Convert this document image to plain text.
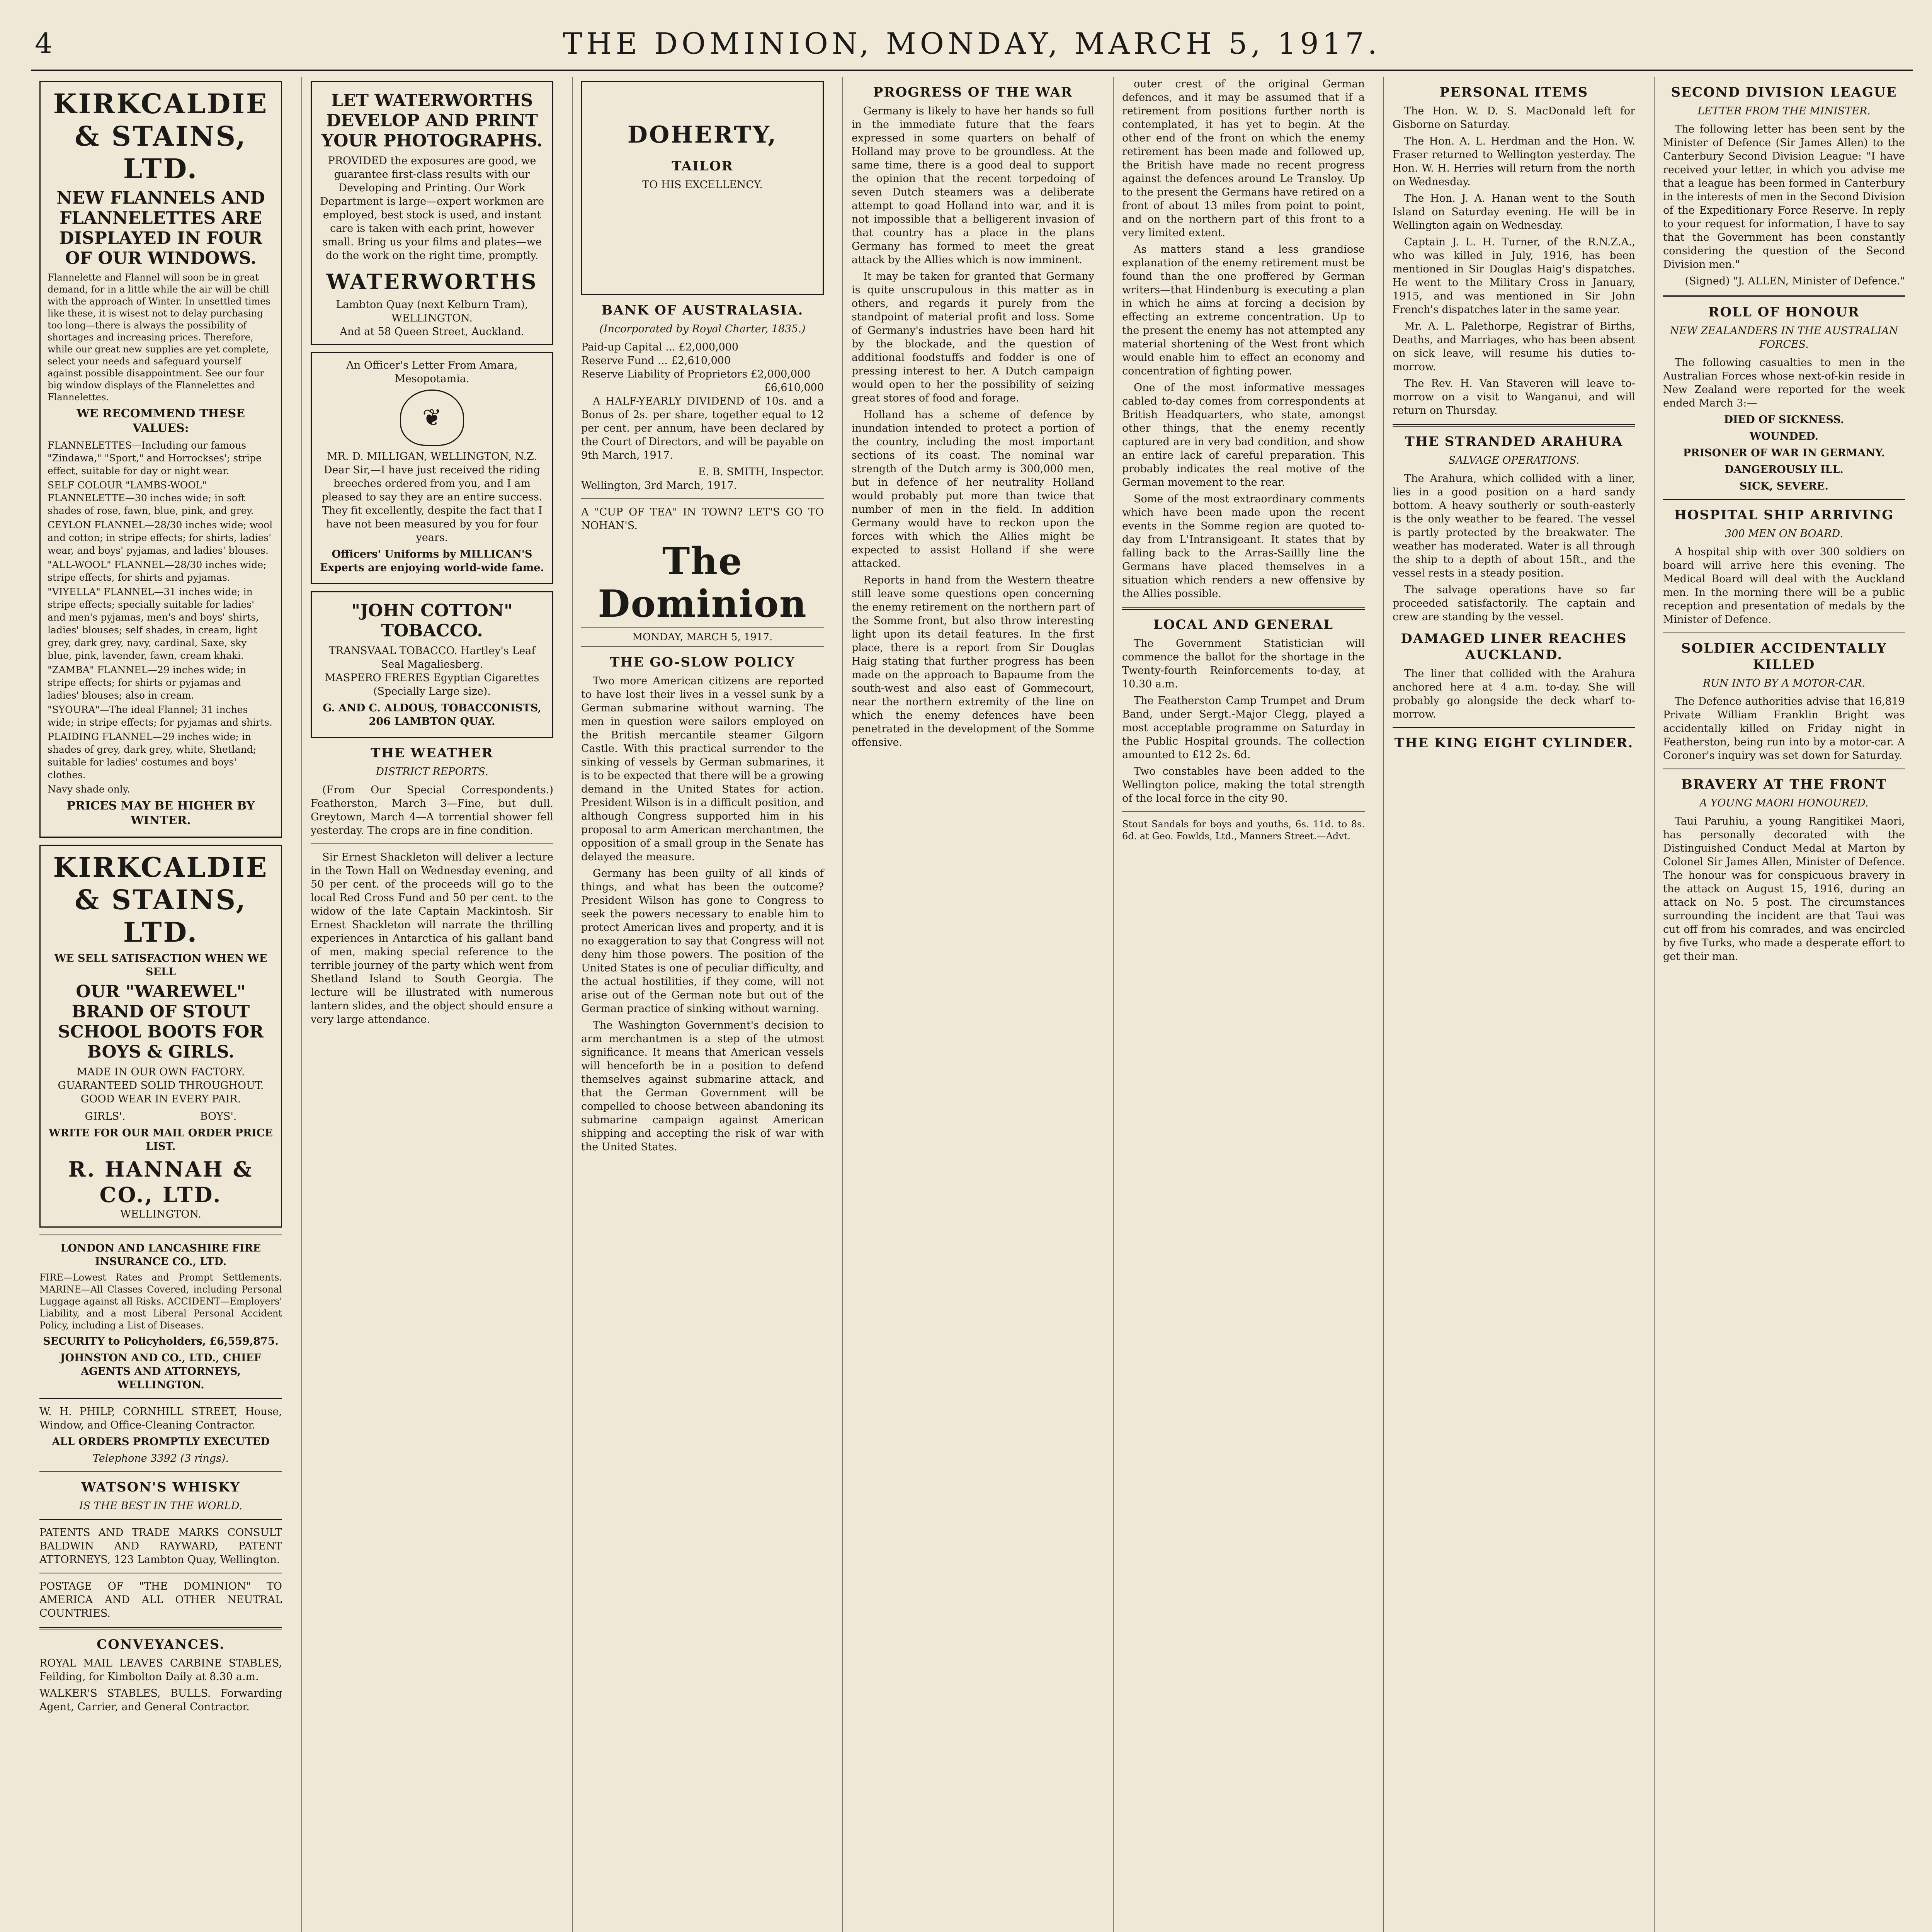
4	THE DOMINION, MONDAY, MARCH 5, 1917.
KIRKCALDIE & STAINS, LTD.
NEW FLANNELS AND FLANNELETTES ARE DISPLAYED IN FOUR OF OUR WINDOWS.

Flannelette and Flannel will soon be in great demand, for in a little while the air will be chill with the approach of Winter. In unsettled times like these, it is wisest not to delay purchasing too long—there is always the possibility of shortages and increasing prices. Therefore, while our great new supplies are yet complete, select your needs and safeguard yourself against possible disappointment. See our four big window displays of the Flannelettes and Flannelettes.

WE RECOMMEND THESE VALUES:
FLANNELETTES—Including our famous "Zindawa," "Sport," and Horrockses'; stripe effect, suitable for day or night wear.
SELF COLOUR "LAMBS-WOOL" FLANNELETTE—30 inches wide; in soft shades of rose, fawn, blue, pink, and grey.
CEYLON FLANNEL—28/30 inches wide; wool and cotton; in stripe effects; for shirts, ladies' wear, and boys' pyjamas, and ladies' blouses.
"ALL-WOOL" FLANNEL—28/30 inches wide; stripe effects, for shirts and pyjamas.
"VIYELLA" FLANNEL—31 inches wide; in stripe effects; specially suitable for ladies' and men's pyjamas, men's and boys' shirts, ladies' blouses; self shades, in cream, light grey, dark grey, navy, cardinal, Saxe, sky blue, pink, lavender, fawn, cream khaki.
"ZAMBA" FLANNEL—29 inches wide; in stripe effects; for shirts or pyjamas and ladies' blouses; also in cream.
"SYOURA"—The ideal Flannel; 31 inches wide; in stripe effects; for pyjamas and shirts.
PLAIDING FLANNEL—29 inches wide; in shades of grey, dark grey, white, Shetland; suitable for ladies' costumes and boys' clothes.
Navy shade only.
PRICES MAY BE HIGHER BY WINTER.
KIRKCALDIE & STAINS, LTD.
WE SELL SATISFACTION WHEN WE SELL
OUR "WAREWEL" BRAND OF STOUT SCHOOL BOOTS FOR BOYS & GIRLS.
MADE IN OUR OWN FACTORY.
GUARANTEED SOLID THROUGHOUT.
GOOD WEAR IN EVERY PAIR.
GIRLS'.	BOYS'.
WRITE FOR OUR MAIL ORDER PRICE LIST.
R. HANNAH & CO., LTD.
WELLINGTON.
LONDON AND LANCASHIRE FIRE INSURANCE CO., LTD.

FIRE—Lowest Rates and Prompt Settlements. MARINE—All Classes Covered, including Personal Luggage against all Risks. ACCIDENT—Employers' Liability, and a most Liberal Personal Accident Policy, including a List of Diseases.

SECURITY to Policyholders, £6,559,875.
JOHNSTON AND CO., LTD., CHIEF AGENTS AND ATTORNEYS, WELLINGTON.

W. H. PHILP, CORNHILL STREET, House, Window, and Office-Cleaning Contractor.

ALL ORDERS PROMPTLY EXECUTED
Telephone 3392 (3 rings).
WATSON'S WHISKY
IS THE BEST IN THE WORLD.

PATENTS AND TRADE MARKS CONSULT BALDWIN AND RAYWARD, PATENT ATTORNEYS, 123 Lambton Quay, Wellington.

POSTAGE OF "THE DOMINION" TO AMERICA AND ALL OTHER NEUTRAL COUNTRIES.

CONVEYANCES.

ROYAL MAIL LEAVES CARBINE STABLES, Feilding, for Kimbolton Daily at 8.30 a.m.

WALKER'S STABLES, BULLS. Forwarding Agent, Carrier, and General Contractor.

LET WATERWORTHS DEVELOP AND PRINT YOUR PHOTOGRAPHS.

PROVIDED the exposures are good, we guarantee first-class results with our Developing and Printing. Our Work Department is large—expert workmen are employed, best stock is used, and instant care is taken with each print, however small. Bring us your films and plates—we do the work on the right time, promptly.

WATERWORTHS
Lambton Quay (next Kelburn Tram), WELLINGTON.
And at 58 Queen Street, Auckland.
An Officer's Letter From Amara, Mesopotamia.
❦
MR. D. MILLIGAN, WELLINGTON, N.Z.

Dear Sir,—I have just received the riding breeches ordered from you, and I am pleased to say they are an entire success. They fit excellently, despite the fact that I have not been measured by you for four years.

Officers' Uniforms by MILLICAN'S Experts are enjoying world-wide fame.
"JOHN COTTON" TOBACCO.
TRANSVAAL TOBACCO. Hartley's Leaf Seal Magaliesberg.
MASPERO FRERES Egyptian Cigarettes (Specially Large size).
G. AND C. ALDOUS, TOBACCONISTS, 206 LAMBTON QUAY.
THE WEATHER
DISTRICT REPORTS.

(From Our Special Correspondents.) Featherston, March 3—Fine, but dull. Greytown, March 4—A torrential shower fell yesterday. The crops are in fine condition.

Sir Ernest Shackleton will deliver a lecture in the Town Hall on Wednesday evening, and 50 per cent. of the proceeds will go to the local Red Cross Fund and 50 per cent. to the widow of the late Captain Mackintosh. Sir Ernest Shackleton will narrate the thrilling experiences in Antarctica of his gallant band of men, making special reference to the terrible journey of the party which went from Shetland Island to South Georgia. The lecture will be illustrated with numerous lantern slides, and the object should ensure a very large attendance.

DOHERTY,
TAILOR
TO HIS EXCELLENCY.
BANK OF AUSTRALASIA.
(Incorporated by Royal Charter, 1835.)
Paid-up Capital ... £2,000,000
Reserve Fund ... £2,610,000
Reserve Liability of Proprietors £2,000,000
£6,610,000

A HALF-YEARLY DIVIDEND of 10s. and a Bonus of 2s. per share, together equal to 12 per cent. per annum, have been declared by the Court of Directors, and will be payable on 9th March, 1917.

E. B. SMITH, Inspector.
Wellington, 3rd March, 1917.

A "CUP OF TEA" IN TOWN? LET'S GO TO NOHAN'S.

The Dominion
MONDAY, MARCH 5, 1917.
THE GO-SLOW POLICY

Two more American citizens are reported to have lost their lives in a vessel sunk by a German submarine without warning. The men in question were sailors employed on the British mercantile steamer Gilgorn Castle. With this practical surrender to the sinking of vessels by German submarines, it is to be expected that there will be a growing demand in the United States for action. President Wilson is in a difficult position, and although Congress supported him in his proposal to arm American merchantmen, the opposition of a small group in the Senate has delayed the measure.

Germany has been guilty of all kinds of things, and what has been the outcome? President Wilson has gone to Congress to seek the powers necessary to enable him to protect American lives and property, and it is no exaggeration to say that Congress will not deny him those powers. The position of the United States is one of peculiar difficulty, and the actual hostilities, if they come, will not arise out of the German note but out of the German practice of sinking without warning.

The Washington Government's decision to arm merchantmen is a step of the utmost significance. It means that American vessels will henceforth be in a position to defend themselves against submarine attack, and that the German Government will be compelled to choose between abandoning its submarine campaign against American shipping and accepting the risk of war with the United States.

PROGRESS OF THE WAR

Germany is likely to have her hands so full in the immediate future that the fears expressed in some quarters on behalf of Holland may prove to be groundless. At the same time, there is a good deal to support the opinion that the recent torpedoing of seven Dutch steamers was a deliberate attempt to goad Holland into war, and it is not impossible that a belligerent invasion of that country has a place in the plans Germany has formed to meet the great attack by the Allies which is now imminent.

It may be taken for granted that Germany is quite unscrupulous in this matter as in others, and regards it purely from the standpoint of material profit and loss. Some of Germany's industries have been hard hit by the blockade, and the question of additional foodstuffs and fodder is one of pressing interest to her. A Dutch campaign would open to her the possibility of seizing great stores of food and forage.

Holland has a scheme of defence by inundation intended to protect a portion of the country, including the most important sections of its coast. The nominal war strength of the Dutch army is 300,000 men, but in defence of her neutrality Holland would probably put more than twice that number of men in the field. In addition Germany would have to reckon upon the forces with which the Allies might be expected to assist Holland if she were attacked.

Reports in hand from the Western theatre still leave some questions open concerning the enemy retirement on the northern part of the Somme front, but also throw interesting light upon its detail features. In the first place, there is a report from Sir Douglas Haig stating that further progress has been made on the approach to Bapaume from the south-west and also east of Gommecourt, near the northern extremity of the line on which the enemy defences have been penetrated in the development of the Somme offensive.

outer crest of the original German defences, and it may be assumed that if a retirement from positions further north is contemplated, it has yet to begin. At the other end of the front on which the enemy retirement has been made and followed up, the British have made no recent progress against the defences around Le Transloy. Up to the present the Germans have retired on a front of about 13 miles from point to point, and on the northern part of this front to a very limited extent.

As matters stand a less grandiose explanation of the enemy retirement must be found than the one proffered by German writers—that Hindenburg is executing a plan in which he aims at forcing a decision by effecting an extreme concentration. Up to the present the enemy has not attempted any material shortening of the West front which would enable him to effect an economy and concentration of fighting power.

One of the most informative messages cabled to-day comes from correspondents at British Headquarters, who state, amongst other things, that the enemy recently captured are in very bad condition, and show an entire lack of careful preparation. This probably indicates the real motive of the German movement to the rear.

Some of the most extraordinary comments which have been made upon the recent events in the Somme region are quoted to-day from L'Intransigeant. It states that by falling back to the Arras-Saillly line the Germans have placed themselves in a situation which renders a new offensive by the Allies possible.

LOCAL AND GENERAL

The Government Statistician will commence the ballot for the shortage in the Twenty-fourth Reinforcements to-day, at 10.30 a.m.

The Featherston Camp Trumpet and Drum Band, under Sergt.-Major Clegg, played a most acceptable programme on Saturday in the Public Hospital grounds. The collection amounted to £12 2s. 6d.

Two constables have been added to the Wellington police, making the total strength of the local force in the city 90.

Stout Sandals for boys and youths, 6s. 11d. to 8s. 6d. at Geo. Fowlds, Ltd., Manners Street.—Advt.

PERSONAL ITEMS

The Hon. W. D. S. MacDonald left for Gisborne on Saturday.

The Hon. A. L. Herdman and the Hon. W. Fraser returned to Wellington yesterday. The Hon. W. H. Herries will return from the north on Wednesday.

The Hon. J. A. Hanan went to the South Island on Saturday evening. He will be in Wellington again on Wednesday.

Captain J. L. H. Turner, of the R.N.Z.A., who was killed in July, 1916, has been mentioned in Sir Douglas Haig's dispatches. He went to the Military Cross in January, 1915, and was mentioned in Sir John French's dispatches later in the same year.

Mr. A. L. Palethorpe, Registrar of Births, Deaths, and Marriages, who has been absent on sick leave, will resume his duties to-morrow.

The Rev. H. Van Staveren will leave to-morrow on a visit to Wanganui, and will return on Thursday.

THE STRANDED ARAHURA
SALVAGE OPERATIONS.

The Arahura, which collided with a liner, lies in a good position on a hard sandy bottom. A heavy southerly or south-easterly is the only weather to be feared. The vessel is partly protected by the breakwater. The weather has moderated. Water is all through the ship to a depth of about 15ft., and the vessel rests in a steady position.

The salvage operations have so far proceeded satisfactorily. The captain and crew are standing by the vessel.

DAMAGED LINER REACHES AUCKLAND.

The liner that collided with the Arahura anchored here at 4 a.m. to-day. She will probably go alongside the deck wharf to-morrow.

THE KING EIGHT CYLINDER.
SECOND DIVISION LEAGUE
LETTER FROM THE MINISTER.

The following letter has been sent by the Minister of Defence (Sir James Allen) to the Canterbury Second Division League: "I have received your letter, in which you advise me that a league has been formed in Canterbury in the interests of men in the Second Division of the Expeditionary Force Reserve. In reply to your request for information, I have to say that the Government has been constantly considering the question of the Second Division men."

(Signed) "J. ALLEN, Minister of Defence."
ROLL OF HONOUR
NEW ZEALANDERS IN THE AUSTRALIAN FORCES.

The following casualties to men in the Australian Forces whose next-of-kin reside in New Zealand were reported for the week ended March 3:—

DIED OF SICKNESS.
WOUNDED.
PRISONER OF WAR IN GERMANY.
DANGEROUSLY ILL.
SICK, SEVERE.
HOSPITAL SHIP ARRIVING
300 MEN ON BOARD.

A hospital ship with over 300 soldiers on board will arrive here this evening. The Medical Board will deal with the Auckland men. In the morning there will be a public reception and presentation of medals by the Minister of Defence.

SOLDIER ACCIDENTALLY KILLED
RUN INTO BY A MOTOR-CAR.

The Defence authorities advise that 16,819 Private William Franklin Bright was accidentally killed on Friday night in Featherston, being run into by a motor-car. A Coroner's inquiry was set down for Saturday.

BRAVERY AT THE FRONT
A YOUNG MAORI HONOURED.

Taui Paruhiu, a young Rangitikei Maori, has personally decorated with the Distinguished Conduct Medal at Marton by Colonel Sir James Allen, Minister of Defence. The honour was for conspicuous bravery in the attack on August 15, 1916, during an attack on No. 5 post. The circumstances surrounding the incident are that Taui was cut off from his comrades, and was encircled by five Turks, who made a desperate effort to get their man.
